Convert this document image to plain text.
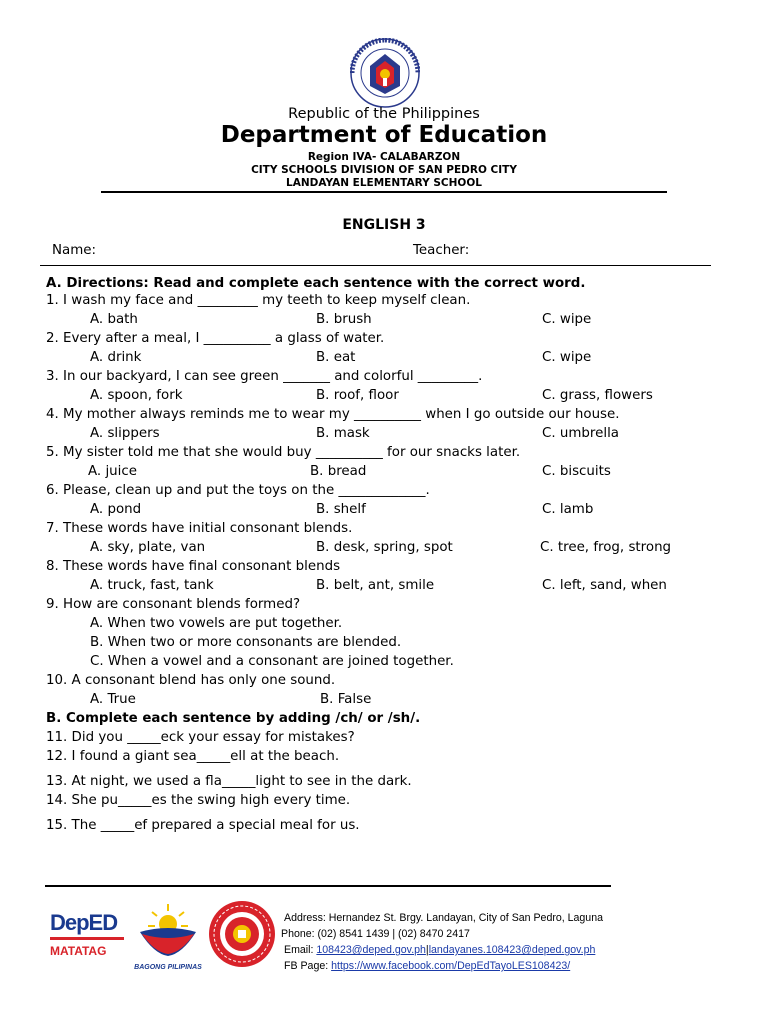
Republic of the Philippines
Department of Education
Region IVA- CALABARZON
CITY SCHOOLS DIVISION OF SAN PEDRO CITY
LANDAYAN ELEMENTARY SCHOOL
ENGLISH 3
Name:	Teacher:
A. Directions: Read and complete each sentence with the correct word.
1. I wash my face and _________ my teeth to keep myself clean.
A. bath	B. brush	C. wipe
2. Every after a meal, I __________ a glass of water.
A. drink	B. eat	C. wipe
3. In our backyard, I can see green _______ and colorful _________.
A. spoon, fork	B. roof, floor	C. grass, flowers
4. My mother always reminds me to wear my __________ when I go outside our house.
A. slippers	B. mask	C. umbrella
5. My sister told me that she would buy __________ for our snacks later.
A. juice	B. bread	C. biscuits
6. Please, clean up and put the toys on the _____________.
A. pond	B. shelf	C. lamb
7. These words have initial consonant blends.
A. sky, plate, van	B. desk, spring, spot	C. tree, frog, strong
8. These words have final consonant blends
A. truck, fast, tank	B. belt, ant, smile	C. left, sand, when
9. How are consonant blends formed?
A. When two vowels are put together.
B. When two or more consonants are blended.
C. When a vowel and a consonant are joined together.
10. A consonant blend has only one sound.
A. True	B. False
B. Complete each sentence by adding /ch/ or /sh/.
11. Did you _____eck your essay for mistakes?
12. I found a giant sea_____ell at the beach.
13. At night, we used a fla_____light to see in the dark.
14. She pu_____es the swing high every time.
15. The _____ef prepared a special meal for us.
DepED
MATATAG
BAGONG PILIPINAS
Address: Hernandez St. Brgy. Landayan, City of San Pedro, Laguna
Phone: (02) 8541 1439 | (02) 8470 2417
Email: 108423@deped.gov.ph|landayanes.108423@deped.gov.ph
FB Page: https://www.facebook.com/DepEdTayoLES108423/
